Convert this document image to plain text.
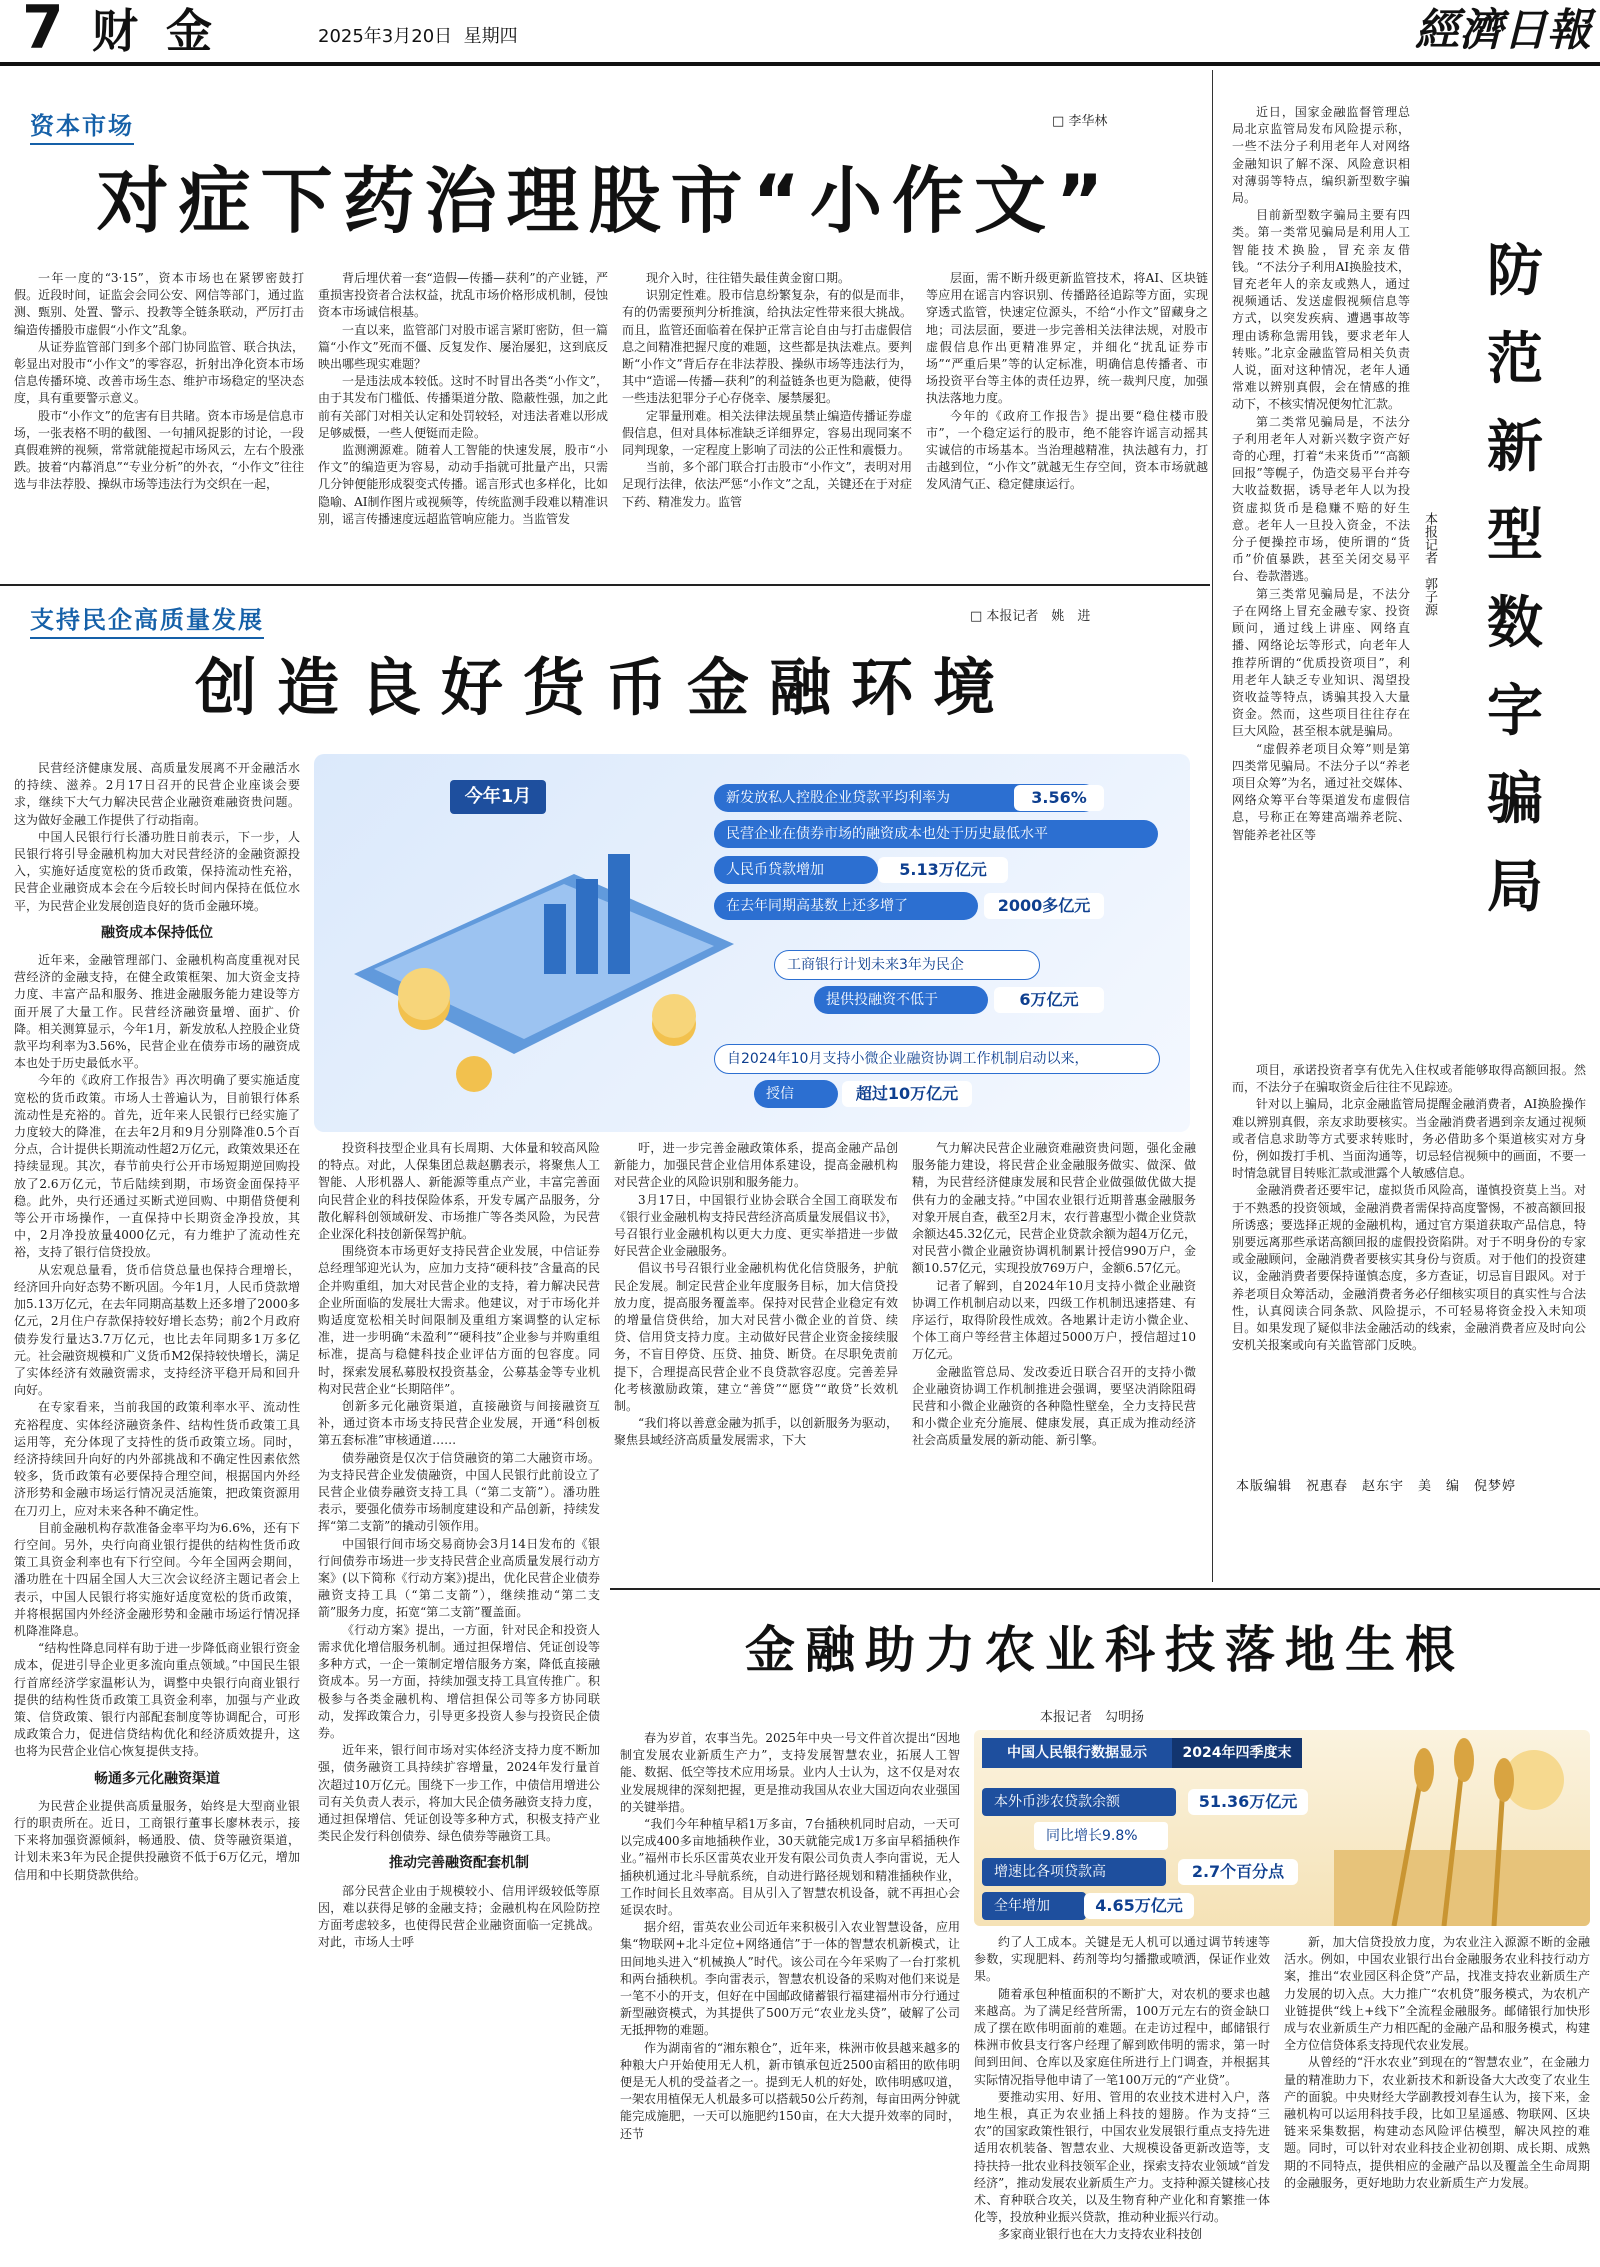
7 财 金	2025年3月20日 星期四	經濟日報
资本市场	□ 李华林
对症下药治理股市“小作文”

一年一度的“3·15”，资本市场也在紧锣密鼓打假。近段时间，证监会会同公安、网信等部门，通过监测、甄别、处置、警示、投教等全链条联动，严厉打击编造传播股市虚假“小作文”乱象。

从证券监管部门到多个部门协同监管、联合执法，彰显出对股市“小作文”的零容忍，折射出净化资本市场信息传播环境、改善市场生态、维护市场稳定的坚决态度，具有重要警示意义。

股市“小作文”的危害有目共睹。资本市场是信息市场，一张表格不明的截图、一句捕风捉影的讨论，一段真假难辨的视频，常常就能搅起市场风云，左右个股涨跌。披着“内幕消息”“专业分析”的外衣，“小作文”往往选与非法荐股、操纵市场等违法行为交织在一起，

背后埋伏着一套“造假—传播—获利”的产业链，严重损害投资者合法权益，扰乱市场价格形成机制，侵蚀资本市场诚信根基。

一直以来，监管部门对股市谣言紧盯密防，但一篇篇“小作文”死而不僵、反复发作、屡治屡犯，这到底反映出哪些现实难题？

一是违法成本较低。这时不时冒出各类“小作文”，由于其发布门槛低、传播渠道分散、隐蔽性强，加之此前有关部门对相关认定和处罚较轻，对违法者难以形成足够威慑，一些人便铤而走险。

监测溯源难。随着人工智能的快速发展，股市“小作文”的编造更为容易，动动手指就可批量产出，只需几分钟便能形成裂变式传播。谣言形式也多样化，比如隐喻、AI制作图片或视频等，传统监测手段难以精准识别，谣言传播速度远超监管响应能力。当监管发

现介入时，往往错失最佳黄金窗口期。

识别定性难。股市信息纷繁复杂，有的似是而非，有的仍需要预判分析推演，给执法定性带来很大挑战。而且，监管还面临着在保护正常言论自由与打击虚假信息之间精准把握尺度的难题，这些都是执法难点。要判断“小作文”背后存在非法荐股、操纵市场等违法行为，其中“造谣—传播—获利”的利益链条也更为隐蔽，使得一些违法犯罪分子心存侥幸、屡禁屡犯。

定罪量刑难。相关法律法规虽禁止编造传播证券虚假信息，但对具体标准缺乏详细界定，容易出现同案不同判现象，一定程度上影响了司法的公正性和震慑力。

当前，多个部门联合打击股市“小作文”，表明对用足现行法律，依法严惩“小作文”之乱，关键还在于对症下药、精准发力。监管

层面，需不断升级更新监管技术，将AI、区块链等应用在谣言内容识别、传播路径追踪等方面，实现穿透式监管，快速定位源头，不给“小作文”留藏身之地；司法层面，要进一步完善相关法律法规，对股市虚假信息作出更精准界定，并细化“扰乱证券市场”“严重后果”等的认定标准，明确信息传播者、市场投资平台等主体的责任边界，统一裁判尺度，加强执法落地力度。

今年的《政府工作报告》提出要“稳住楼市股市”，一个稳定运行的股市，绝不能容许谣言动摇其实诚信的市场基本。当治理越精准，执法越有力，打击越到位，“小作文”就越无生存空间，资本市场就越发风清气正、稳定健康运行。

近日，国家金融监督管理总局北京监管局发布风险提示称，一些不法分子利用老年人对网络金融知识了解不深、风险意识相对薄弱等特点，编织新型数字骗局。

目前新型数字骗局主要有四类。第一类常见骗局是利用人工智能技术换脸，冒充亲友借钱。“不法分子利用AI换脸技术，冒充老年人的亲友或熟人，通过视频通话、发送虚假视频信息等方式，以突发疾病、遭遇事故等理由诱称急需用钱，要求老年人转账。”北京金融监管局相关负责人说，面对这种情况，老年人通常难以辨别真假，会在情感的推动下，不核实情况便匆忙汇款。

第二类常见骗局是，不法分子利用老年人对新兴数字资产好奇的心理，打着“未来货币”“高额回报”等幌子，伪造交易平台并夸大收益数据，诱导老年人以为投资虚拟货币是稳赚不赔的好生意。老年人一旦投入资金，不法分子便操控市场，使所谓的“货币”价值暴跌，甚至关闭交易平台、卷款潜逃。

第三类常见骗局是，不法分子在网络上冒充金融专家、投资顾问，通过线上讲座、网络直播、网络论坛等形式，向老年人推荐所谓的“优质投资项目”，利用老年人缺乏专业知识、渴望投资收益等特点，诱骗其投入大量资金。然而，这些项目往往存在巨大风险，甚至根本就是骗局。

“虚假养老项目众筹”则是第四类常见骗局。不法分子以“养老项目众筹”为名，通过社交媒体、网络众筹平台等渠道发布虚假信息，号称正在筹建高端养老院、智能养老社区等

防
范
新
型
数
字
骗
局
本报记者　郭子源

项目，承诺投资者享有优先入住权或者能够取得高额回报。然而，不法分子在骗取资金后往往不见踪迹。

针对以上骗局，北京金融监管局提醒金融消费者，AI换脸操作难以辨别真假，亲友求助要核实。当金融消费者遇到亲友通过视频或者信息求助等方式要求转账时，务必借助多个渠道核实对方身份，例如拨打手机、当面沟通等，切忌轻信视频中的画面，不要一时情急就冒目转账汇款或泄露个人敏感信息。

金融消费者还要牢记，虚拟货币风险高，谨慎投资莫上当。对于不熟悉的投资领域，金融消费者需保持高度警惕，不被高额回报所诱惑；要选择正规的金融机构，通过官方渠道获取产品信息，特别要远离那些承诺高额回报的虚假投资陷阱。对于不明身份的专家或金融顾问，金融消费者要核实其身份与资质。对于他们的投资建议，金融消费者要保持谨慎态度，多方查证，切忌盲目跟风。对于养老项目众筹活动，金融消费者务必仔细核实项目的真实性与合法性，认真阅读合同条款、风险提示，不可轻易将资金投入未知项目。如果发现了疑似非法金融活动的线索，金融消费者应及时向公安机关报案或向有关监管部门反映。

本版编辑　祝惠春　赵东宇　美　编　倪梦婷
支持民企高质量发展	□ 本报记者　姚　进
创造良好货币金融环境
今年1月	新发放私人控股企业贷款平均利率为	3.56%
民营企业在债券市场的融资成本也处于历史最低水平
人民币贷款增加	5.13万亿元
在去年同期高基数上还多增了	2000多亿元
工商银行计划未来3年为民企
提供投融资不低于	6万亿元
自2024年10月支持小微企业融资协调工作机制启动以来，
授信	超过10万亿元

民营经济健康发展、高质量发展离不开金融活水的持续、滋养。2月17日召开的民营企业座谈会要求，继续下大气力解决民营企业融资难融资贵问题。这为做好金融工作提供了行动指南。

中国人民银行行长潘功胜日前表示，下一步，人民银行将引导金融机构加大对民营经济的金融资源投入，实施好适度宽松的货币政策，保持流动性充裕，民营企业融资成本会在今后较长时间内保持在低位水平，为民营企业发展创造良好的货币金融环境。

融资成本保持低位

近年来，金融管理部门、金融机构高度重视对民营经济的金融支持，在健全政策框架、加大资金支持力度、丰富产品和服务、推进金融服务能力建设等方面开展了大量工作。民营经济融资量增、面扩、价降。相关测算显示，今年1月，新发放私人控股企业贷款平均利率为3.56%，民营企业在债券市场的融资成本也处于历史最低水平。

今年的《政府工作报告》再次明确了要实施适度宽松的货币政策。市场人士普遍认为，目前银行体系流动性是充裕的。首先，近年来人民银行已经实施了力度较大的降准，在去年2月和9月分别降准0.5个百分点，合计提供长期流动性超2万亿元，政策效果还在持续显现。其次，春节前央行公开市场短期逆回购投放了2.6万亿元，节后陆续到期，市场资金面保持平稳。此外，央行还通过买断式逆回购、中期借贷便利等公开市场操作，一直保持中长期资金净投放，其中，2月净投放量4000亿元，有力维护了流动性充裕，支持了银行信贷投放。

从宏观总量看，货币信贷总量也保持合理增长，经济回升向好态势不断巩固。今年1月，人民币贷款增加5.13万亿元，在去年同期高基数上还多增了2000多亿元，2月住户存款保持较好增长态势；前2个月政府债券发行量达3.7万亿元，也比去年同期多1万多亿元。社会融资规模和广义货币M2保持较快增长，满足了实体经济有效融资需求，支持经济平稳开局和回升向好。

在专家看来，当前我国的政策利率水平、流动性充裕程度、实体经济融资条件、结构性货币政策工具运用等，充分体现了支持性的货币政策立场。同时，经济持续回升向好的内外部挑战和不确定性因素依然较多，货币政策有必要保持合理空间，根据国内外经济形势和金融市场运行情况灵活施策，把政策资源用在刀刃上，应对未来各种不确定性。

目前金融机构存款准备金率平均为6.6%，还有下行空间。另外，央行向商业银行提供的结构性货币政策工具资金利率也有下行空间。今年全国两会期间，潘功胜在十四届全国人大三次会议经济主题记者会上表示，中国人民银行将实施好适度宽松的货币政策，并将根据国内外经济金融形势和金融市场运行情况择机降准降息。

“结构性降息同样有助于进一步降低商业银行资金成本，促进引导企业更多流向重点领域。”中国民生银行首席经济学家温彬认为，调整中央银行向商业银行提供的结构性货币政策工具资金利率，加强与产业政策、信贷政策、银行内部配套制度等协调配合，可形成政策合力，促进信贷结构优化和经济质效提升，这也将为民营企业信心恢复提供支持。

畅通多元化融资渠道

为民营企业提供高质量服务，始终是大型商业银行的职责所在。近日，工商银行董事长廖林表示，接下来将加强资源倾斜，畅通股、债、贷等融资渠道，计划未来3年为民企提供投融资不低于6万亿元，增加信用和中长期贷款供给。

投资科技型企业具有长周期、大体量和较高风险的特点。对此，人保集团总裁赵鹏表示，将聚焦人工智能、人形机器人、新能源等重点产业，丰富完善面向民营企业的科技保险体系，开发专属产品服务，分散化解科创领域研发、市场推广等各类风险，为民营企业深化科技创新保驾护航。

围绕资本市场更好支持民营企业发展，中信证券总经理邹迎光认为，应加力支持“硬科技”含量高的民企并购重组，加大对民营企业的支持，着力解决民营企业所面临的发展壮大需求。他建议，对于市场化并购适度宽松相关时间限制及重组方案调整的认定标准，进一步明确“未盈利”“硬科技”企业参与并购重组标准，提高与稳健科技企业评估方面的包容度。同时，探索发展私募股权投资基金，公募基金等专业机构对民营企业“长期陪伴”。

创新多元化融资渠道，直接融资与间接融资互补，通过资本市场支持民营企业发展，开通“科创板第五套标准”审核通道……

债券融资是仅次于信贷融资的第二大融资市场。为支持民营企业发债融资，中国人民银行此前设立了民营企业债券融资支持工具（“第二支箭”）。潘功胜表示，要强化债券市场制度建设和产品创新，持续发挥“第二支箭”的撬动引领作用。

中国银行间市场交易商协会3月14日发布的《银行间债券市场进一步支持民营企业高质量发展行动方案》(以下简称《行动方案》)提出，优化民营企业债券融资支持工具（“第二支箭”），继续推动“第二支箭”服务力度，拓宽“第二支箭”覆盖面。

《行动方案》提出，一方面，针对民企和投资人需求优化增信服务机制。通过担保增信、凭证创设等多种方式，一企一策制定增信服务方案，降低直接融资成本。另一方面，持续加强支持工具宣传推广。积极参与各类金融机构、增信担保公司等多方协同联动，发挥政策合力，引导更多投资人参与投资民企债券。

近年来，银行间市场对实体经济支持力度不断加强，债务融资工具持续扩容增量，2024年发行量首次超过10万亿元。围绕下一步工作，中债信用增进公司有关负责人表示，将加大民企债务融资支持力度，通过担保增信、凭证创设等多种方式，积极支持产业类民企发行科创债券、绿色债券等融资工具。

推动完善融资配套机制

部分民营企业由于规模较小、信用评级较低等原因，难以获得足够的金融支持；金融机构在风险防控方面考虑较多，也使得民营企业融资面临一定挑战。对此，市场人士呼

吁，进一步完善金融政策体系，提高金融产品创新能力，加强民营企业信用体系建设，提高金融机构对民营企业的风险识别和服务能力。

3月17日，中国银行业协会联合全国工商联发布《银行业金融机构支持民营经济高质量发展倡议书》，号召银行业金融机构以更大力度、更实举措进一步做好民营企业金融服务。

倡议书号召银行业金融机构优化信贷服务，护航民企发展。制定民营企业年度服务目标，加大信贷投放力度，提高服务覆盖率。保持对民营企业稳定有效的增量信贷供给，加大对民营小微企业的首贷、续贷、信用贷支持力度。主动做好民营企业资金接续服务，不盲目停贷、压贷、抽贷、断贷。在尽职免责前提下，合理提高民营企业不良贷款容忍度。完善差异化考核激励政策，建立“善贷”“愿贷”“敢贷”长效机制。

“我们将以善意金融为抓手，以创新服务为驱动，聚焦县域经济高质量发展需求，下大

气力解决民营企业融资难融资贵问题，强化金融服务能力建设，将民营企业金融服务做实、做深、做精，为民营经济健康发展和民营企业做强做优做大提供有力的金融支持。”中国农业银行近期普惠金融服务对象开展自查，截至2月末，农行普惠型小微企业贷款余额达45.32亿元，民营企业贷款余额为超4万亿元，对民营小微企业融资协调机制累计授信990万户，金额10.57亿元，实现投放769万户，金额6.57亿元。

记者了解到，自2024年10月支持小微企业融资协调工作机制启动以来，四级工作机制迅速搭建、有序运行，取得阶段性成效。各地累计走访小微企业、个体工商户等经营主体超过5000万户，授信超过10万亿元。

金融监管总局、发改委近日联合召开的支持小微企业融资协调工作机制推进会强调，要坚决消除阻碍民营和小微企业融资的各种隐性壁垒，全力支持民营和小微企业充分施展、健康发展，真正成为推动经济社会高质量发展的新动能、新引擎。

金融助力农业科技落地生根
本报记者　勾明扬
中国人民银行数据显示	2024年四季度末
本外币涉农贷款余额	51.36万亿元
同比增长9.8%
增速比各项贷款高	2.7个百分点
全年增加	4.65万亿元

春为岁首，农事当先。2025年中央一号文件首次提出“因地制宜发展农业新质生产力”，支持发展智慧农业，拓展人工智能、数据、低空等技术应用场景。业内人士认为，这不仅是对农业发展规律的深刻把握，更是推动我国从农业大国迈向农业强国的关键举措。

“我们今年种植早稻1万多亩，7台插秧机同时启动，一天可以完成400多亩地插秧作业，30天就能完成1万多亩早稻插秧作业。”福州市长乐区雷英农业开发有限公司负责人李向雷说，无人插秧机通过北斗导航系统，自动进行路径规划和精准插秧作业，工作时间长且效率高。目从引入了智慧农机设备，就不再担心会延误农时。

据介绍，雷英农业公司近年来积极引入农业智慧设备，应用集“物联网+北斗定位+网络通信”于一体的智慧农机新模式，让田间地头进入“机械换人”时代。该公司在今年采购了一台打浆机和两台插秧机。李向雷表示，智慧农机设备的采购对他们来说是一笔不小的开支，但好在中国邮政储蓄银行福建福州市分行通过新型融资模式，为其提供了500万元“农业龙头贷”，破解了公司无抵押物的难题。

作为湖南省的“湘东粮仓”，近年来，株洲市攸县越来越多的种粮大户开始使用无人机，新市镇承包近2500亩稻田的欧伟明便是无人机的受益者之一。提到无人机的好处，欧伟明感叹道，一架农用植保无人机最多可以搭载50公斤药剂，每亩田两分钟就能完成施肥，一天可以施肥约150亩，在大大提升效率的同时，还节

约了人工成本。关键是无人机可以通过调节转速等参数，实现肥料、药剂等均匀播撒或喷洒，保证作业效果。

随着承包种植面积的不断扩大，对农机的要求也越来越高。为了满足经营所需，100万元左右的资金缺口成了摆在欧伟明面前的难题。在走访过程中，邮储银行株洲市攸县支行客户经理了解到欧伟明的需求，第一时间到田间、仓库以及家庭住所进行上门调查，并根据其实际情况指导他申请了一笔100万元的“产业贷”。

要推动实用、好用、管用的农业技术进村入户，落地生根，真正为农业插上科技的翅膀。作为支持“三农”的国家政策性银行，中国农业发展银行重点支持先进适用农机装备、智慧农业、大规模设备更新改造等，支持扶持一批农业科技领军企业，探索支持农业领域“首发经济”，推动发展农业新质生产力。支持种源关键核心技术、育种联合攻关，以及生物育种产业化和育繁推一体化等，投放种业振兴贷款，推动种业振兴行动。

多家商业银行也在大力支持农业科技创

新，加大信贷投放力度，为农业注入源源不断的金融活水。例如，中国农业银行出台金融服务农业科技行动方案，推出“农业园区科企贷”产品，找准支持农业新质生产力发展的切入点。大力推广“农机贷”服务模式，为农机产业链提供“线上+线下”全流程金融服务。邮储银行加快形成与农业新质生产力相匹配的金融产品和服务模式，构建全方位信贷体系支持现代农业发展。

从曾经的“汗水农业”到现在的“智慧农业”，在金融力量的精准助力下，农业新技术和新设备大大改变了农业生产的面貌。中央财经大学副教授刘春生认为，接下来，金融机构可以运用科技手段，比如卫星遥感、物联网、区块链来采集数据，构建动态风险评估模型，解决风控的难题。同时，可以针对农业科技企业初创期、成长期、成熟期的不同特点，提供相应的金融产品以及覆盖全生命周期的金融服务，更好地助力农业新质生产力发展。
